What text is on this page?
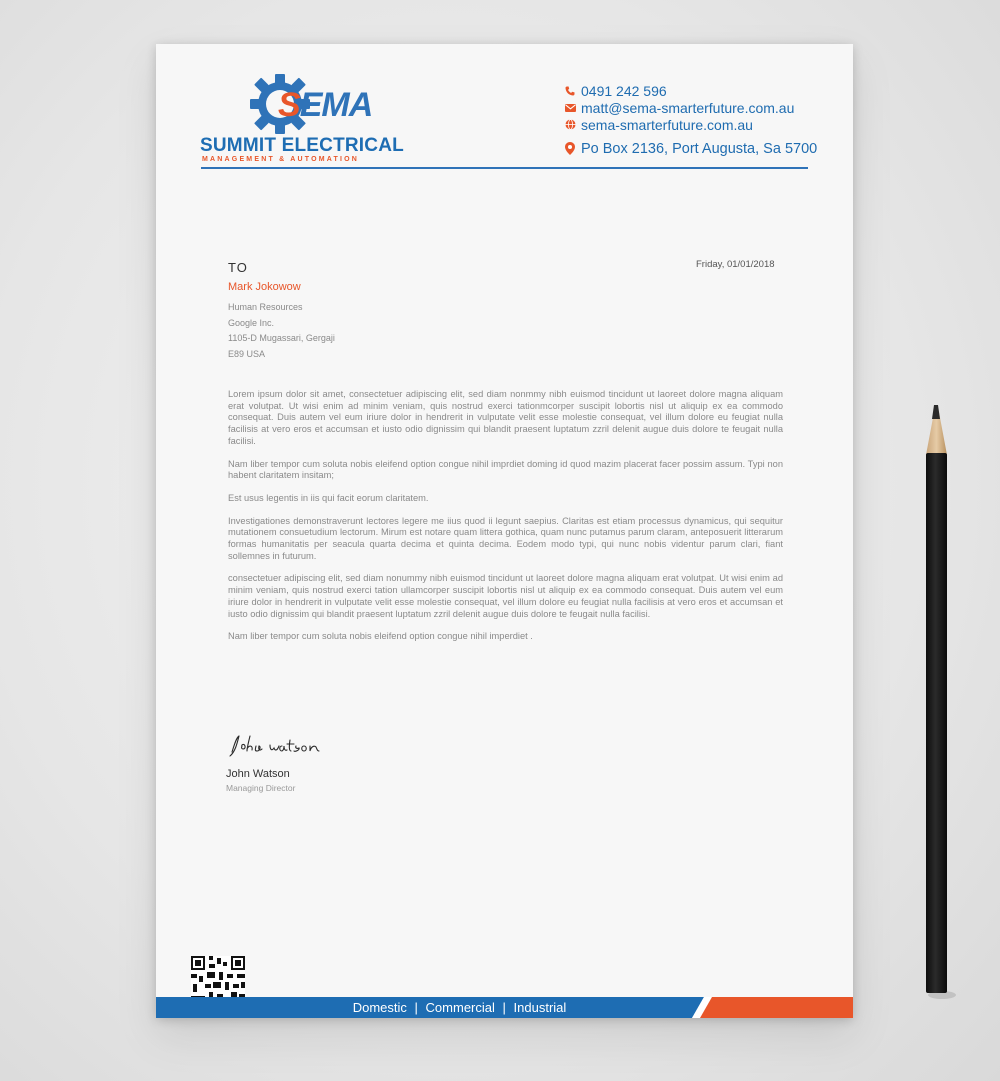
SEMA
SUMMIT ELECTRICAL
MANAGEMENT & AUTOMATION
0491 242 596
matt@sema-smarterfuture.com.au
sema-smarterfuture.com.au
Po Box 2136, Port Augusta, Sa 5700
TO	Friday, 01/01/2018
Mark Jokowow
Human Resources
Google Inc.
1105-D Mugassari, Gergaji
E89 USA

Lorem ipsum dolor sit amet, consectetuer adipiscing elit, sed diam nonmmy nibh euismod tincidunt ut laoreet dolore magna aliquam erat volutpat. Ut wisi enim ad minim veniam, quis nostrud exerci tationmcorper suscipit lobortis nisl ut aliquip ex ea commodo consequat. Duis autem vel eum iriure dolor in hendrerit in vulputate velit esse molestie consequat, vel illum dolore eu feugiat nulla facilisis at vero eros et accumsan et iusto odio dignissim qui blandit praesent luptatum zzril delenit augue duis dolore te feugait nulla facilisi.

Nam liber tempor cum soluta nobis eleifend option congue nihil imprdiet doming id quod mazim placerat facer possim assum. Typi non habent claritatem insitam;

Est usus legentis in iis qui facit eorum claritatem.

Investigationes demonstraverunt lectores legere me iius quod ii legunt saepius. Claritas est etiam processus dynamicus, qui sequitur mutationem consuetudium lectorum. Mirum est notare quam littera gothica, quam nunc putamus parum claram, anteposuerit litterarum formas humanitatis per seacula quarta decima et quinta decima. Eodem modo typi, qui nunc nobis videntur parum clari, fiant sollemnes in futurum.

consectetuer adipiscing elit, sed diam nonummy nibh euismod tincidunt ut laoreet dolore magna aliquam erat volutpat. Ut wisi enim ad minim veniam, quis nostrud exerci tation ullamcorper suscipit lobortis nisl ut aliquip ex ea commodo consequat. Duis autem vel eum iriure dolor in hendrerit in vulputate velit esse molestie consequat, vel illum dolore eu feugiat nulla facilisis at vero eros et accumsan et iusto odio dignissim qui blandit praesent luptatum zzril delenit augue duis dolore te feugait nulla facilisi.

Nam liber tempor cum soluta nobis eleifend option congue nihil imperdiet .

John Watson
Managing Director
Domestic | Commercial | Industrial
